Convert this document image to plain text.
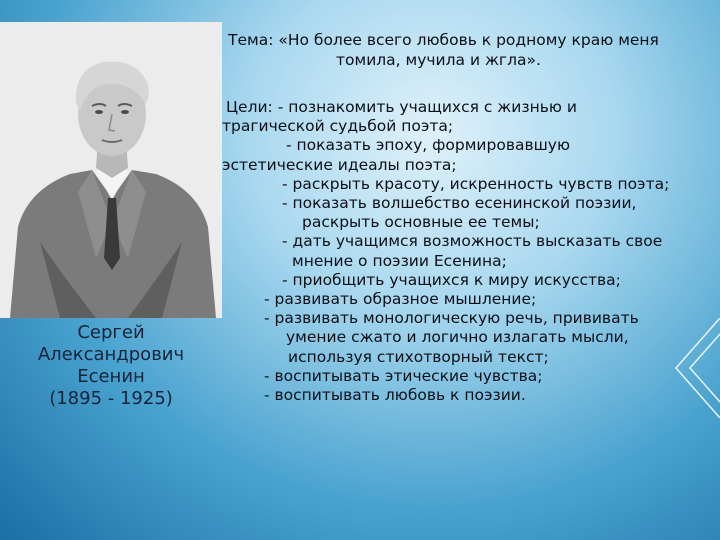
Сергей
Александрович
Есенин
(1895 - 1925)
Тема: «Но более всего любовь к родному краю меня
томила, мучила и жгла».
Цели: - познакомить учащихся с жизнью и
трагической судьбой поэта;
- показать эпоху, формировавшую
эстетические идеалы поэта;
- раскрыть красоту, искренность чувств поэта;
- показать волшебство есенинской поэзии,
раскрыть основные ее темы;
- дать учащимся возможность высказать свое
мнение о поэзии Есенина;
- приобщить учащихся к миру искусства;
- развивать образное мышление;
- развивать монологическую речь, прививать
умение сжато и логично излагать мысли,
используя стихотворный текст;
- воспитывать этические чувства;
- воспитывать любовь к поэзии.
